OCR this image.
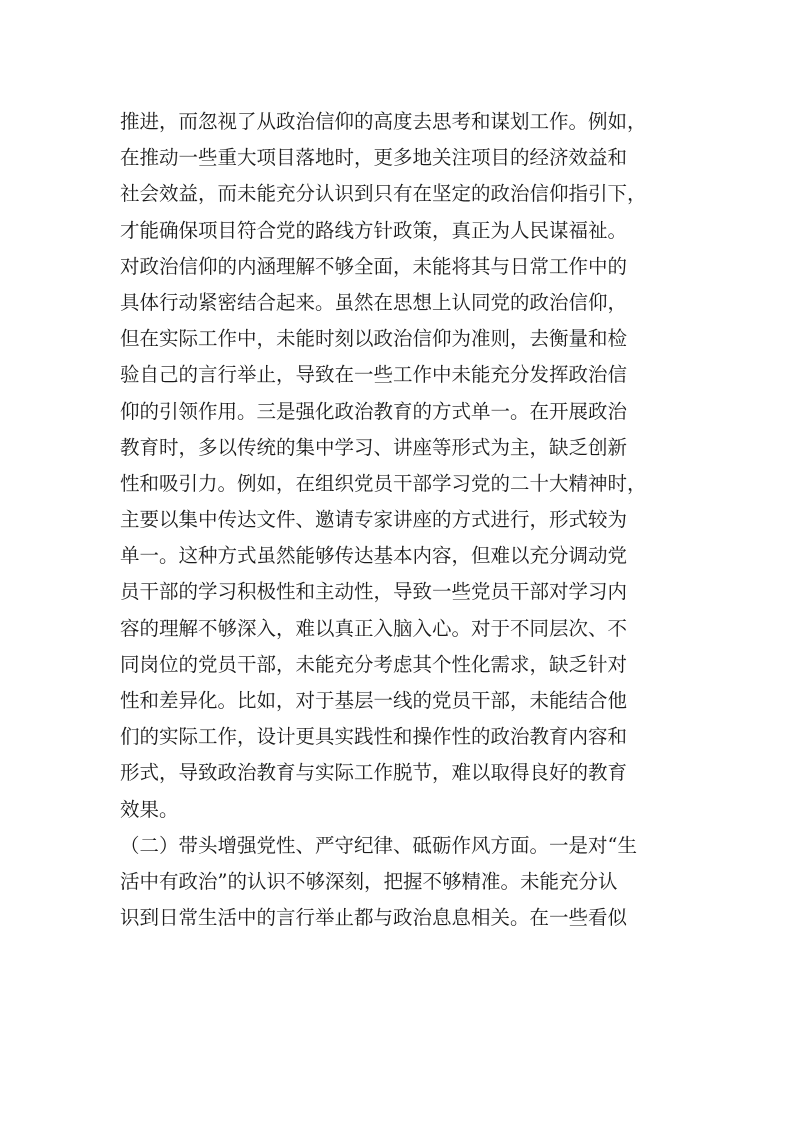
推进，而忽视了从政治信仰的高度去思考和谋划工作。例如，
在推动一些重大项目落地时，更多地关注项目的经济效益和
社会效益，而未能充分认识到只有在坚定的政治信仰指引下，
才能确保项目符合党的路线方针政策，真正为人民谋福祉。
对政治信仰的内涵理解不够全面，未能将其与日常工作中的
具体行动紧密结合起来。虽然在思想上认同党的政治信仰，
但在实际工作中，未能时刻以政治信仰为准则，去衡量和检
验自己的言行举止，导致在一些工作中未能充分发挥政治信
仰的引领作用。三是强化政治教育的方式单一。在开展政治
教育时，多以传统的集中学习、讲座等形式为主，缺乏创新
性和吸引力。例如，在组织党员干部学习党的二十大精神时，
主要以集中传达文件、邀请专家讲座的方式进行，形式较为
单一。这种方式虽然能够传达基本内容，但难以充分调动党
员干部的学习积极性和主动性，导致一些党员干部对学习内
容的理解不够深入，难以真正入脑入心。对于不同层次、不
同岗位的党员干部，未能充分考虑其个性化需求，缺乏针对
性和差异化。比如，对于基层一线的党员干部，未能结合他
们的实际工作，设计更具实践性和操作性的政治教育内容和
形式，导致政治教育与实际工作脱节，难以取得良好的教育
效果。
（二）带头增强党性、严守纪律、砥砺作风方面。一是对“生
活中有政治”的认识不够深刻，把握不够精准。未能充分认
识到日常生活中的言行举止都与政治息息相关。在一些看似
